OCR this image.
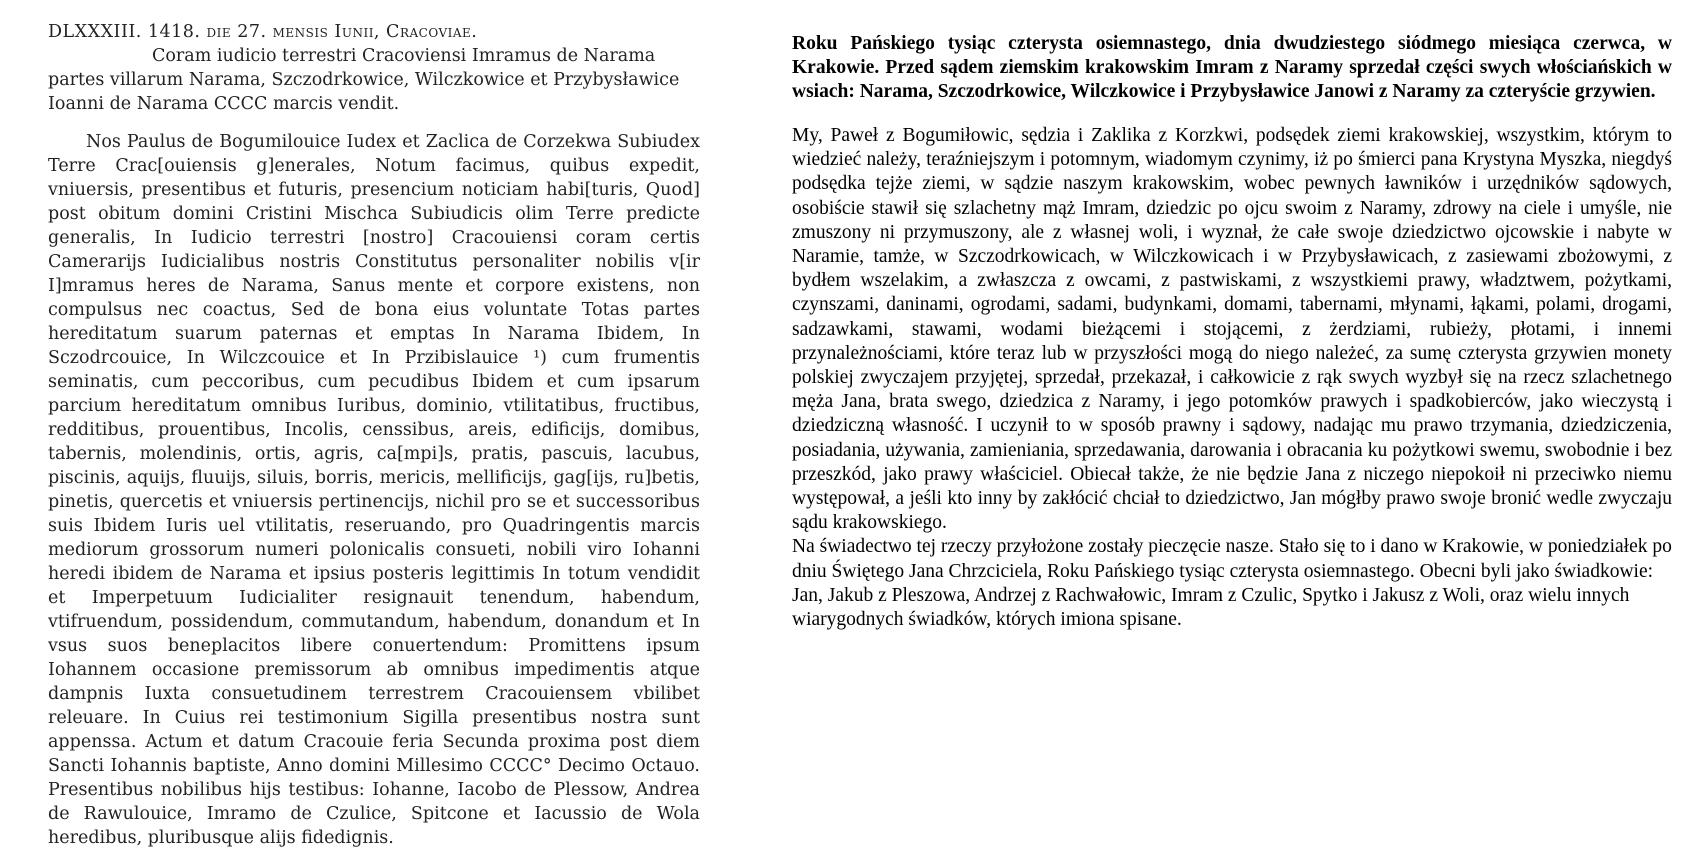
DLXXXIII. 1418. die 27. mensis Iunii, Cracoviae.

Coram iudicio terrestri Cracoviensi Imramus de Narama

partes villarum Narama, Szczodrkowice, Wilczkowice et Przybysławice Ioanni de Narama CCCC marcis vendit.

Nos Paulus de Bogumilouice Iudex et Zaclica de Corzekwa Subiudex Terre Crac[ouiensis g]enerales, Notum facimus, quibus expedit, vniuersis, presentibus et futuris, presencium noticiam habi[turis, Quod] post obitum domini Cristini Mischca Subiudicis olim Terre predicte generalis, In Iudicio terrestri [nostro] Cracouiensi coram certis Camerarijs Iudicialibus nostris Constitutus personaliter nobilis v[ir I]mramus heres de Narama, Sanus mente et corpore existens, non compulsus nec coactus, Sed de bona eius voluntate Totas partes hereditatum suarum paternas et emptas In Narama Ibidem, In Sczodrcouice, In Wilczcouice et In Przibislauice ¹) cum frumentis seminatis, cum peccoribus, cum pecudibus Ibidem et cum ipsarum parcium hereditatum omnibus Iuribus, dominio, vtilitatibus, fructibus, redditibus, prouentibus, Incolis, censsibus, areis, edificijs, domibus, tabernis, molendinis, ortis, agris, ca[mpi]s, pratis, pascuis, lacubus, piscinis, aquijs, fluuijs, siluis, borris, mericis, mellificijs, gag[ijs, ru]betis, pinetis, quercetis et vniuersis pertinencijs, nichil pro se et successoribus suis Ibidem Iuris uel vtilitatis, reseruando, pro Quadringentis marcis mediorum grossorum numeri polonicalis consueti, nobili viro Iohanni heredi ibidem de Narama et ipsius posteris legittimis In totum vendidit et Imperpetuum Iudicialiter resignauit tenendum, habendum, vtifruendum, possidendum, commutandum, habendum, donandum et In vsus suos beneplacitos libere conuertendum: Promittens ipsum Iohannem occasione premissorum ab omnibus impedimentis atque dampnis Iuxta consuetudinem terrestrem Cracouiensem vbilibet releuare. In Cuius rei testimonium Sigilla presentibus nostra sunt appenssa. Actum et datum Cracouie feria Secunda proxima post diem Sancti Iohannis baptiste, Anno domini Millesimo CCCC° Decimo Octauo. Presentibus nobilibus hijs testibus: Iohanne, Iacobo de Plessow, Andrea de Rawulouice, Imramo de Czulice, Spitcone et Iacussio de Wola heredibus, pluribusque alijs fidedignis.

Roku Pańskiego tysiąc czterysta osiemnastego, dnia dwudziestego siódmego miesiąca czerwca, w Krakowie. Przed sądem ziemskim krakowskim Imram z Naramy sprzedał części swych włościańskich w wsiach: Narama, Szczodrkowice, Wilczkowice i Przybysławice Janowi z Naramy za czteryście grzywien.

My, Paweł z Bogumiłowic, sędzia i Zaklika z Korzkwi, podsędek ziemi krakowskiej, wszystkim, którym to wiedzieć należy, teraźniejszym i potomnym, wiadomym czynimy, iż po śmierci pana Krystyna Myszka, niegdyś podsędka tejże ziemi, w sądzie naszym krakowskim, wobec pewnych ławników i urzędników sądowych, osobiście stawił się szlachetny mąż Imram, dziedzic po ojcu swoim z Naramy, zdrowy na ciele i umyśle, nie zmuszony ni przymuszony, ale z własnej woli, i wyznał, że całe swoje dziedzictwo ojcowskie i nabyte w Naramie, tamże, w Szczodrkowicach, w Wilczkowicach i w Przybysławicach, z zasiewami zbożowymi, z bydłem wszelakim, a zwłaszcza z owcami, z pastwiskami, z wszystkiemi prawy, władztwem, pożytkami, czynszami, daninami, ogrodami, sadami, budynkami, domami, tabernami, młynami, łąkami, polami, drogami, sadzawkami, stawami, wodami bieżącemi i stojącemi, z żerdziami, rubieży, płotami, i innemi przynależnościami, które teraz lub w przyszłości mogą do niego należeć, za sumę czterysta grzywien monety polskiej zwyczajem przyjętej, sprzedał, przekazał, i całkowicie z rąk swych wyzbył się na rzecz szlachetnego męża Jana, brata swego, dziedzica z Naramy, i jego potomków prawych i spadkobierców, jako wieczystą i dziedziczną własność. I uczynił to w sposób prawny i sądowy, nadając mu prawo trzymania, dziedziczenia, posiadania, używania, zamieniania, sprzedawania, darowania i obracania ku pożytkowi swemu, swobodnie i bez przeszkód, jako prawy właściciel. Obiecał także, że nie będzie Jana z niczego niepokoił ni przeciwko niemu występował, a jeśli kto inny by zakłócić chciał to dziedzictwo, Jan mógłby prawo swoje bronić wedle zwyczaju sądu krakowskiego.

Na świadectwo tej rzeczy przyłożone zostały pieczęcie nasze. Stało się to i dano w Krakowie, w poniedziałek po dniu Świętego Jana Chrzciciela, Roku Pańskiego tysiąc czterysta osiemnastego. Obecni byli jako świadkowie: Jan, Jakub z Pleszowa, Andrzej z Rachwałowic, Imram z Czulic, Spytko i Jakusz z Woli, oraz wielu innych wiarygodnych świadków, których imiona spisane.
